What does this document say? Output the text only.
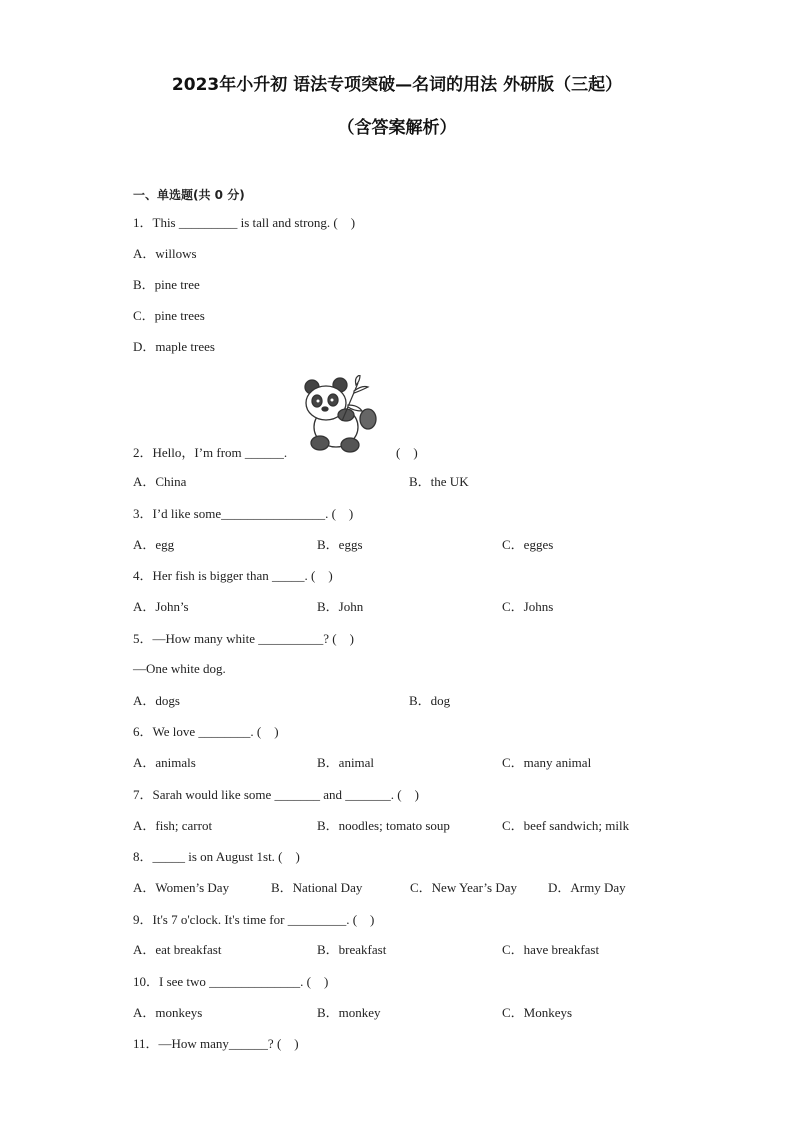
2023年小升初 语法专项突破—名词的用法 外研版（三起）
（含答案解析）
一、单选题(共 0 分)
1．This _________ is tall and strong. (　)
A．willows
B．pine tree
C．pine trees
D．maple trees
2．Hello，I’m from ______.	(　)
A．China	B．the UK
3．I’d like some________________. (　)
A．egg	B．eggs	C．egges
4．Her fish is bigger than _____. (　)
A．John’s	B．John	C．Johns
5．—How many white __________? (　)
—One white dog.
A．dogs	B．dog
6．We love ________. (　)
A．animals	B．animal	C．many animal
7．Sarah would like some _______ and _______. (　)
A．fish; carrot	B．noodles; tomato soup	C．beef sandwich; milk
8．_____ is on August 1st. (　)
A．Women’s Day	B．National Day	C．New Year’s Day D．Army Day
9．It's 7 o'clock. It's time for _________. (　)
A．eat breakfast	B．breakfast	C．have breakfast
10．I see two ______________. (　)
A．monkeys	B．monkey	C．Monkeys
11．—How many______? (　)
